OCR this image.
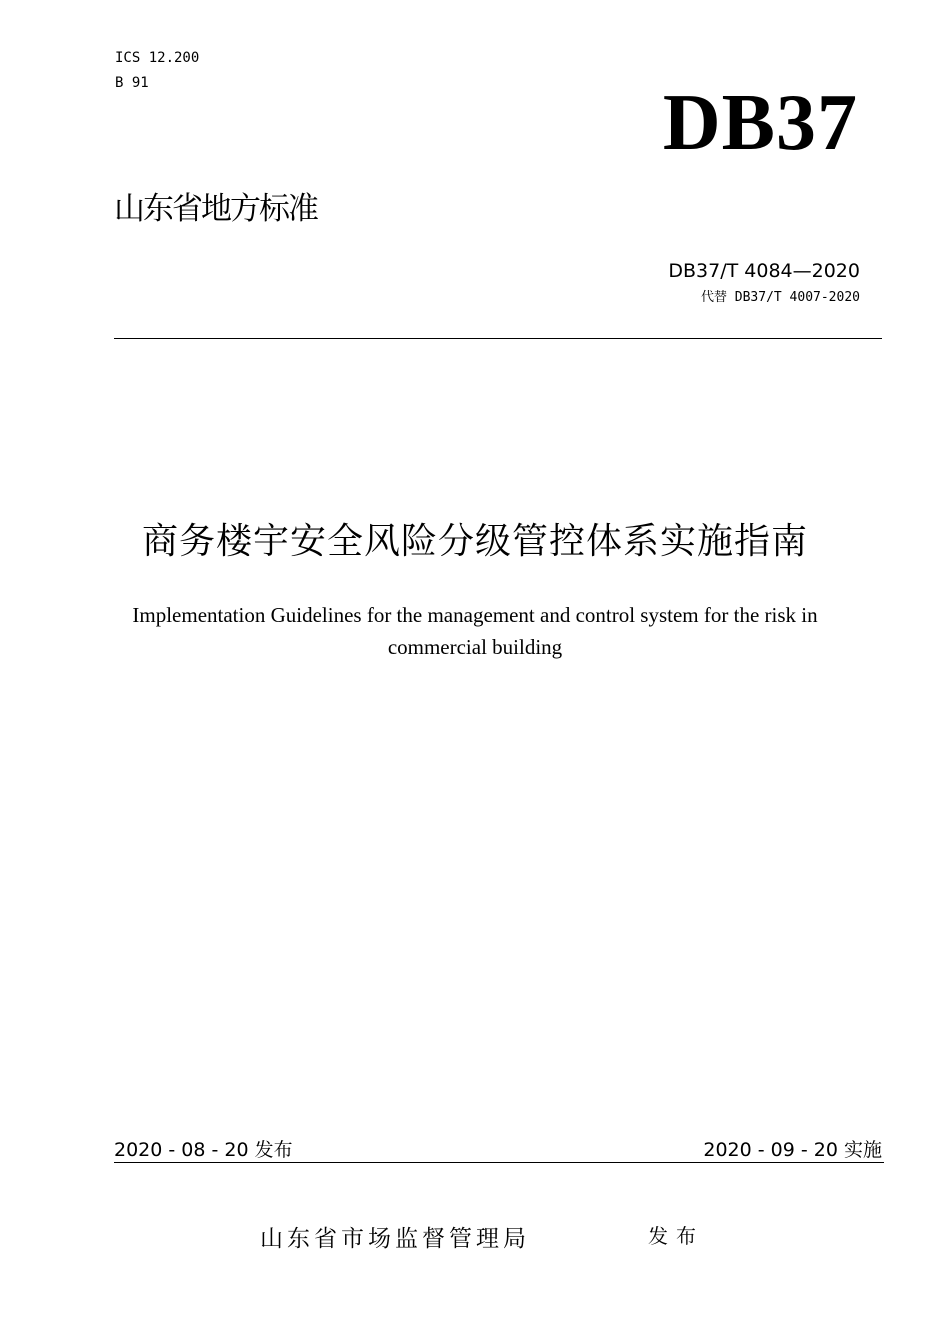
ICS 12.200
B 91	DB37
山东省地方标准
DB37/T 4084—2020
代替 DB37/T 4007-2020
商务楼宇安全风险分级管控体系实施指南
Implementation Guidelines for the management and control system for the risk in
commercial building
2020 - 08 - 20 发布	2020 - 09 - 20 实施
山东省市场监督管理局	发布
